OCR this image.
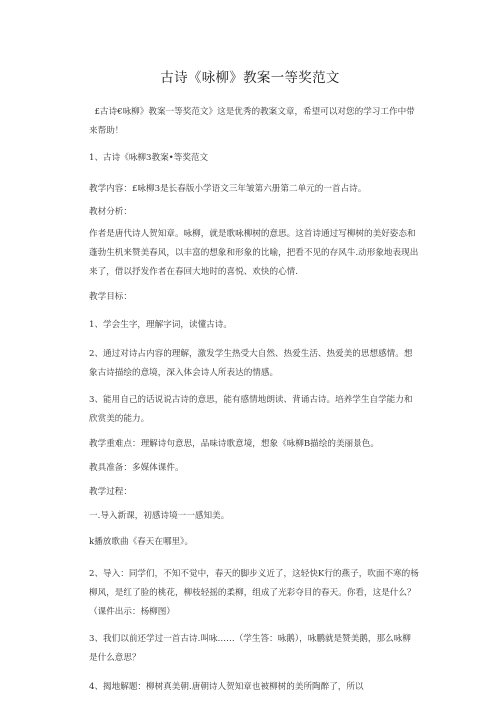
古诗《咏柳》教案一等奖范文
£古诗€咏柳》教案一等奖范文》这是优秀的教案文章，希望可以对您的学习工作中带来帮助！
1、古诗《咏柳3教案•等奖范文
教学内容：£咏柳3是长春版小学语文三年皱第六册第二单元的一首占诗。
教材分析：
作者是唐代诗人贺知章。咏柳，就是歌咏柳树的意思。这首诗通过写柳树的美好姿态和蓬勃生机来赞美春风，以丰富的想象和形象的比喻，把看不见的存风牛.动形象地表现出来了，借以抒发作者在春回大地时的喜悦、欢快的心情.
教学目标：
1、学会生字，理解字词，读懂古诗。
2、通过对诗占内容的理解，激发学生热受大自然、热爱生活、热爱美的思想感情。想象古诗描绘的意境，深入体会诗人所表达的情感。
3、能用自己的话说说古诗的意思，能有感情地朗读、背诵古诗。培养学生自学能力和欣赏美的能力。
教学重难点：理解诗句意思，品味诗歌意境，想象《咏柳B描绘的美丽景色。
教具准备：多媒体课件。
教学过程：
一.导入新课，初感诗境一一感知美。
k播放歌曲《春天在哪里》。
2、导入：同学们，不知不觉中，春天的脚步义近了，这轻快K行的燕子，吹面不寒的杨柳风，是红了脸的桃花，柳枝轻摇的柔柳，组成了光彩夺目的春天。你看，这是什么？（课件出示：杨柳图）
3、我们以前还学过一首古诗.叫咏……（学生答：咏鹅），咏鹏就是赞美鹅，那么咏柳是什么意思？
4、揭地解题：柳树真美朝.唐朝诗人贺知章也被柳树的美所陶醉了，所以
